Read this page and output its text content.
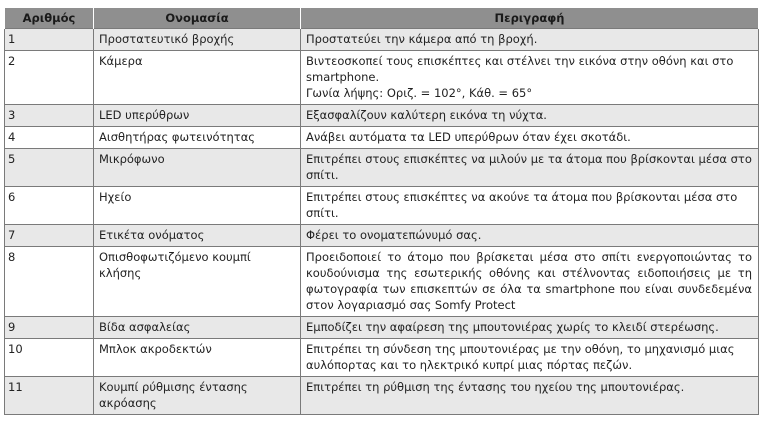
Αριθμός	Ονομασία	Περιγραφή
1	Προστατευτικό βροχής	Προστατεύει την κάμερα από τη βροχή.
2	Κάμερα	Βιντεοσκοπεί τους επισκέπτες και στέλνει την εικόνα στην οθόνη και στο smartphone.
Γωνία λήψης: Οριζ. = 102°, Κάθ. = 65°

3	LED υπερύθρων	Εξασφαλίζουν καλύτερη εικόνα τη νύχτα.
4	Αισθητήρας φωτεινότητας	Ανάβει αυτόματα τα LED υπερύθρων όταν έχει σκοτάδι.
5	Μικρόφωνο	Επιτρέπει στους επισκέπτες να μιλούν με τα άτομα που βρίσκονται μέσα στο σπίτι.
6	Ηχείο	Επιτρέπει στους επισκέπτες να ακούνε τα άτομα που βρίσκονται μέσα στο σπίτι.
7	Ετικέτα ονόματος	Φέρει το ονοματεπώνυμό σας.
8	Οπισθοφωτιζόμενο κουμπί κλήσης	Προειδοποιεί το άτομο που βρίσκεται μέσα στο σπίτι ενεργοποιώντας το κουδούνισμα της εσωτερικής οθόνης και στέλνοντας ειδοποιήσεις με τη φωτογραφία των επισκεπτών σε όλα τα smartphone που είναι συνδεδεμένα στον λογαριασμό σας Somfy Protect
9	Βίδα ασφαλείας	Εμποδίζει την αφαίρεση της μπουτονιέρας χωρίς το κλειδί στερέωσης.
10	Μπλοκ ακροδεκτών	Επιτρέπει τη σύνδεση της μπουτονιέρας με την οθόνη, το μηχανισμό μιας αυλόπορτας και το ηλεκτρικό κυπρί μιας πόρτας πεζών.
11	Κουμπί ρύθμισης έντασης ακρόασης	Επιτρέπει τη ρύθμιση της έντασης του ηχείου της μπουτονιέρας.
